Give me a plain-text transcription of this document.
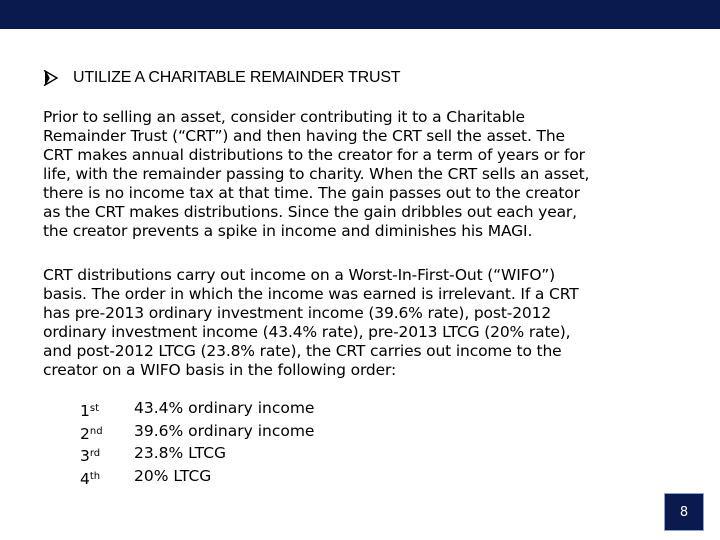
UTILIZE A CHARITABLE REMAINDER TRUST
Prior to selling an asset, consider contributing it to a Charitable
Remainder Trust (“CRT”) and then having the CRT sell the asset. The
CRT makes annual distributions to the creator for a term of years or for
life, with the remainder passing to charity. When the CRT sells an asset,
there is no income tax at that time. The gain passes out to the creator
as the CRT makes distributions. Since the gain dribbles out each year,
the creator prevents a spike in income and diminishes his MAGI.
CRT distributions carry out income on a Worst-In-First-Out (“WIFO”)
basis. The order in which the income was earned is irrelevant. If a CRT
has pre-2013 ordinary investment income (39.6% rate), post-2012
ordinary investment income (43.4% rate), pre-2013 LTCG (20% rate),
and post-2012 LTCG (23.8% rate), the CRT carries out income to the
creator on a WIFO basis in the following order:
1st	43.4% ordinary income
2nd	39.6% ordinary income
3rd	23.8% LTCG
4th	20% LTCG
8
